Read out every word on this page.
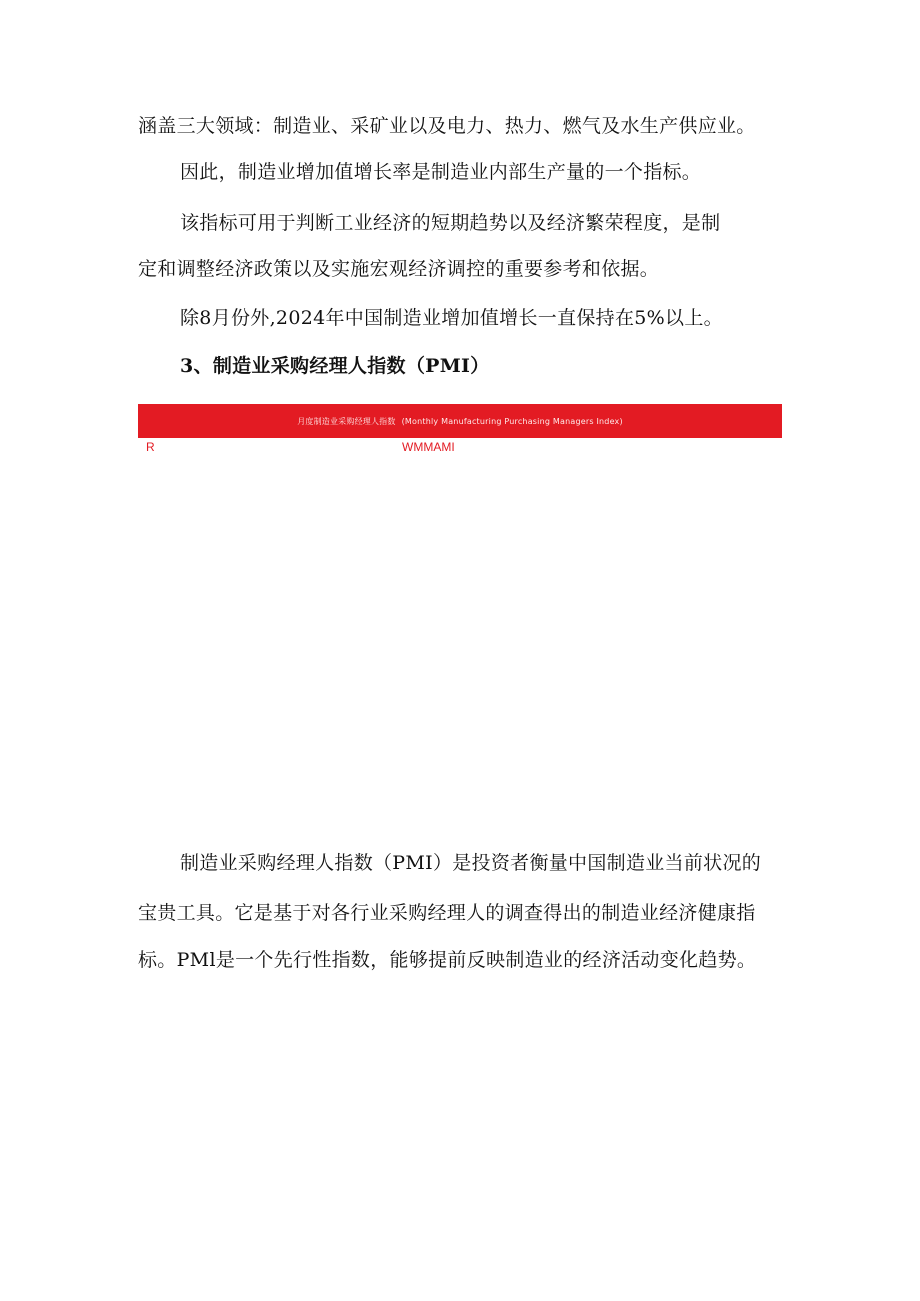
涵盖三大领域：制造业、采矿业以及电力、热力、燃气及水生产供应业。
因此，制造业增加值增长率是制造业内部生产量的一个指标。
该指标可用于判断工业经济的短期趋势以及经济繁荣程度，是制
定和调整经济政策以及实施宏观经济调控的重要参考和依据。
除8月份外,2024年中国制造业增加值增长一直保持在5%以上。
3、制造业采购经理人指数（PMI）
月度制造业采购经理人指数 (Monthly Manufacturing Purchasing Managers Index)
R	WMMAMI
制造业采购经理人指数（PMI）是投资者衡量中国制造业当前状况的
宝贵工具。它是基于对各行业采购经理人的调查得出的制造业经济健康指
标。PMl是一个先行性指数，能够提前反映制造业的经济活动变化趋势。
